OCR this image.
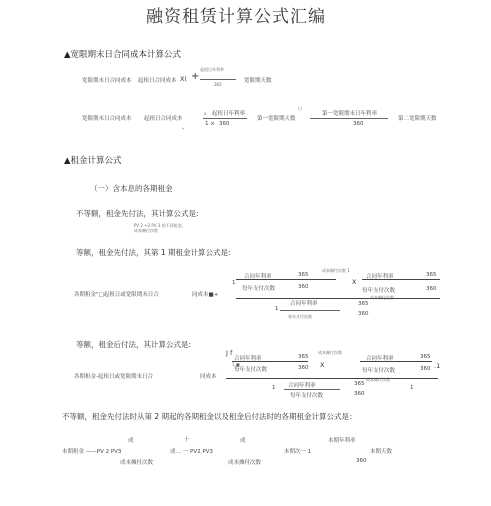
融资租赁计算公式汇编
▲宽限期末日合同成本计算公式
宽限期末日合同成本 起租日合同成本 X( +
起租日年利率
365
宽限期天数
宽限期末日合同成本 起租日合同成本
x 起租日年利率
1 × 360
第一宽限期天数
/ /
第一宽限期末日年利率
360
第二宽限期天数
*
▲租金计算公式
（一）含本息的各期租金
不等额，租金先付法，其计算公式是:
PV 2 +2 PV 3 的不同租金。
成本摊付次数
等额，租金先付法，其第 1 期租金计算公式是:
各期租金"□起租日或宽限期末日合	同成本■+
1
合同年利率	365
每年支付次数	360
成本摊付次数 1
X
合同年利率	365
每年支付次数	360
成本摊付次数
合同年利率	365
1
360
每年支付次数
等额，租金后付法，其计算公式是:
各期租金-起租日或宽限期末日合	同成本
J f
合同年利率	365
1 ■
每年支付次数	360
成本摊付次数
X
合同年利率	365
每年支付次数	360 .1
成本摊付次数
1 合同年利率	365
每年支付次数	360
1
不等额，租金先付法时从第 2 期起的各期租金以及租金后付法时的各期租金计算公式是：
成	十	成	本期年利率
本期租金 ——PV 2 PV3	成… 一 PV2 PV3	本期次一 1	本期天数
成本摊付次数	成本摊付次数	360
